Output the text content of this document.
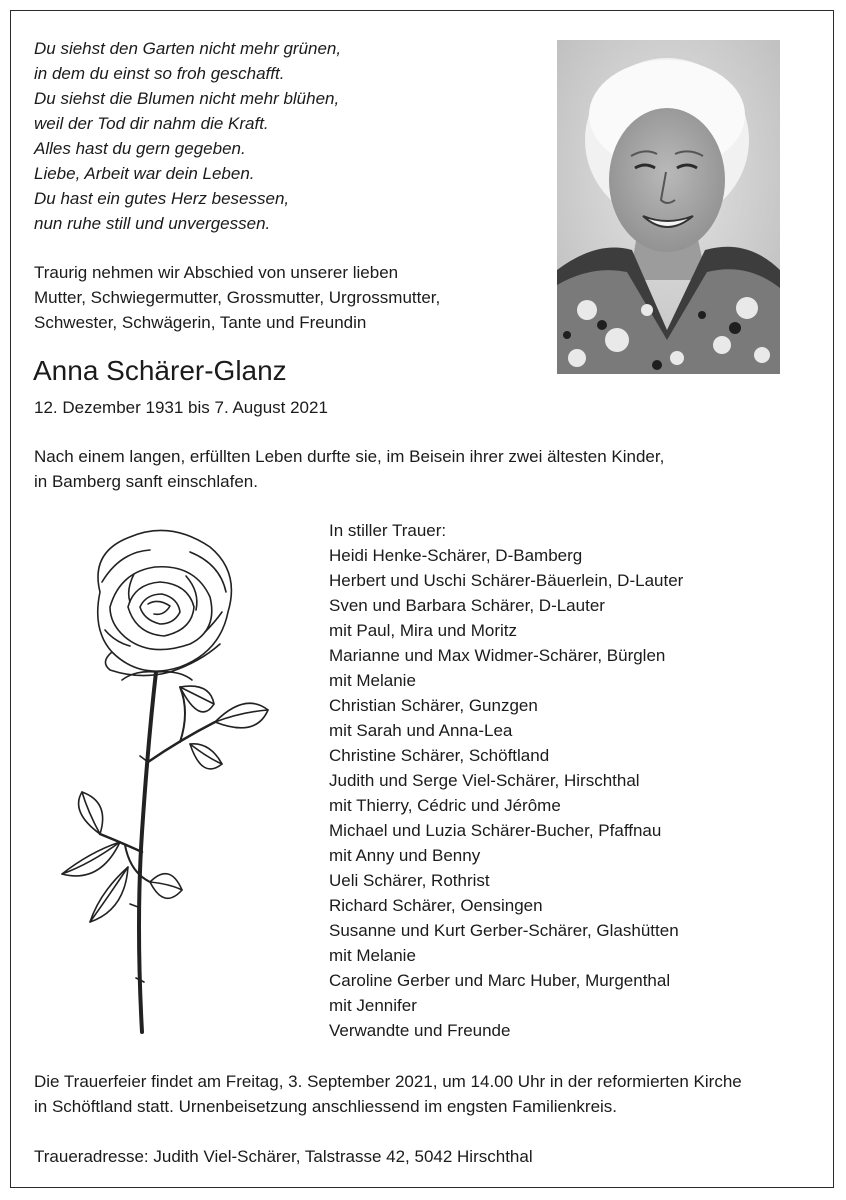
Du siehst den Garten nicht mehr grünen,
in dem du einst so froh geschafft.
Du siehst die Blumen nicht mehr blühen,
weil der Tod dir nahm die Kraft.
Alles hast du gern gegeben.
Liebe, Arbeit war dein Leben.
Du hast ein gutes Herz besessen,
nun ruhe still und unvergessen.
Traurig nehmen wir Abschied von unserer lieben
Mutter, Schwiegermutter, Grossmutter, Urgrossmutter,
Schwester, Schwägerin, Tante und Freundin
Anna Schärer-Glanz
12. Dezember 1931 bis 7. August 2021
Nach einem langen, erfüllten Leben durfte sie, im Beisein ihrer zwei ältesten Kinder,
in Bamberg sanft einschlafen.
In stiller Trauer:
Heidi Henke-Schärer, D-Bamberg
Herbert und Uschi Schärer-Bäuerlein, D-Lauter
Sven und Barbara Schärer, D-Lauter
mit Paul, Mira und Moritz
Marianne und Max Widmer-Schärer, Bürglen
mit Melanie
Christian Schärer, Gunzgen
mit Sarah und Anna-Lea
Christine Schärer, Schöftland
Judith und Serge Viel-Schärer, Hirschthal
mit Thierry, Cédric und Jérôme
Michael und Luzia Schärer-Bucher, Pfaffnau
mit Anny und Benny
Ueli Schärer, Rothrist
Richard Schärer, Oensingen
Susanne und Kurt Gerber-Schärer, Glashütten
mit Melanie
Caroline Gerber und Marc Huber, Murgenthal
mit Jennifer
Verwandte und Freunde
Die Trauerfeier findet am Freitag, 3. September 2021, um 14.00 Uhr in der reformierten Kirche
in Schöftland statt. Urnenbeisetzung anschliessend im engsten Familienkreis.
Traueradresse: Judith Viel-Schärer, Talstrasse 42, 5042 Hirschthal
